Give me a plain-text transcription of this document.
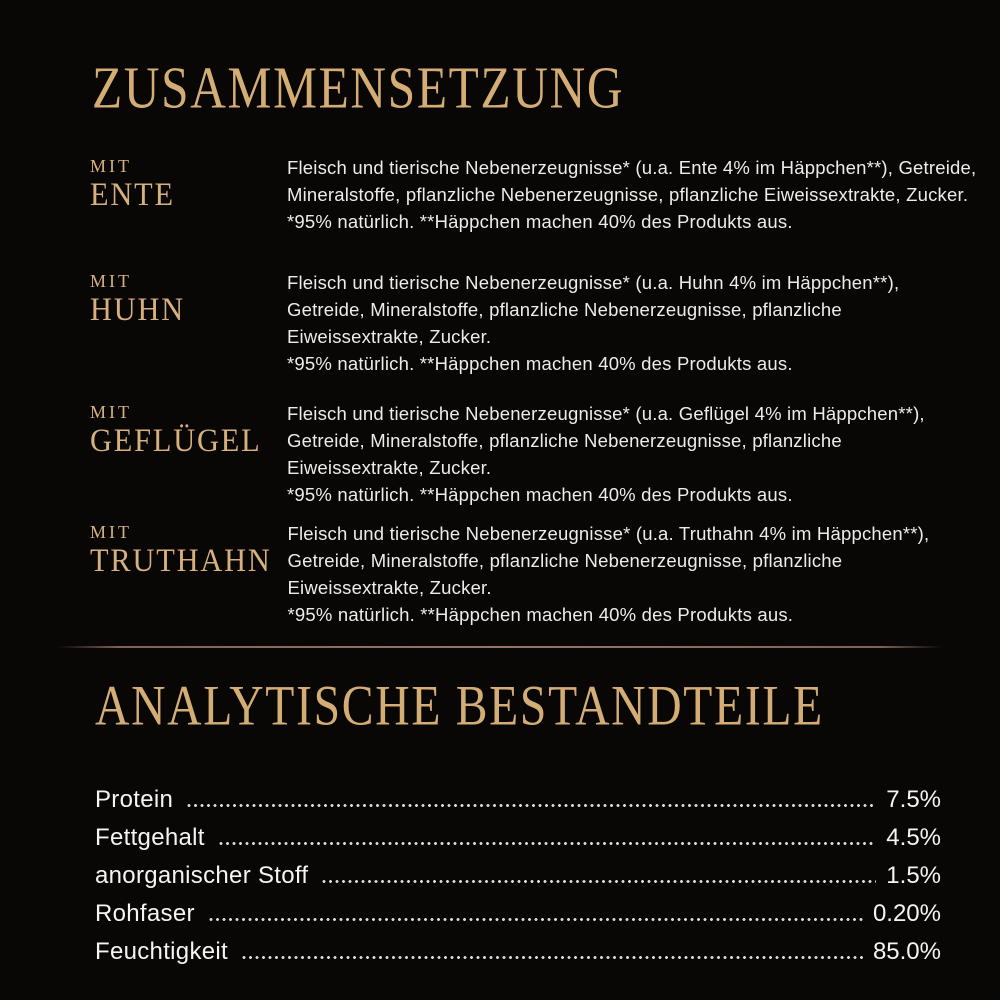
ZUSAMMENSETZUNG
MIT
ENTE
Fleisch und tierische Nebenerzeugnisse* (u.a. Ente 4% im Häppchen**), Getreide, Mineralstoffe, pflanzliche Nebenerzeugnisse, pflanzliche Eiweissextrakte, Zucker.
*95% natürlich. **Häppchen machen 40% des Produkts aus.
MIT
HUHN
Fleisch und tierische Nebenerzeugnisse* (u.a. Huhn 4% im Häppchen**), Getreide, Mineralstoffe, pflanzliche Nebenerzeugnisse, pflanzliche Eiweissextrakte, Zucker.
*95% natürlich. **Häppchen machen 40% des Produkts aus.
MIT
GEFLÜGEL
Fleisch und tierische Nebenerzeugnisse* (u.a. Geflügel 4% im Häppchen**), Getreide, Mineralstoffe, pflanzliche Nebenerzeugnisse, pflanzliche Eiweissextrakte, Zucker.
*95% natürlich. **Häppchen machen 40% des Produkts aus.
MIT
TRUTHAHN
Fleisch und tierische Nebenerzeugnisse* (u.a. Truthahn 4% im Häppchen**), Getreide, Mineralstoffe, pflanzliche Nebenerzeugnisse, pflanzliche Eiweissextrakte, Zucker.
*95% natürlich. **Häppchen machen 40% des Produkts aus.
ANALYTISCHE BESTANDTEILE
Protein	7.5%
Fettgehalt	4.5%
anorganischer Stoff	1.5%
Rohfaser	0.20%
Feuchtigkeit	85.0%
